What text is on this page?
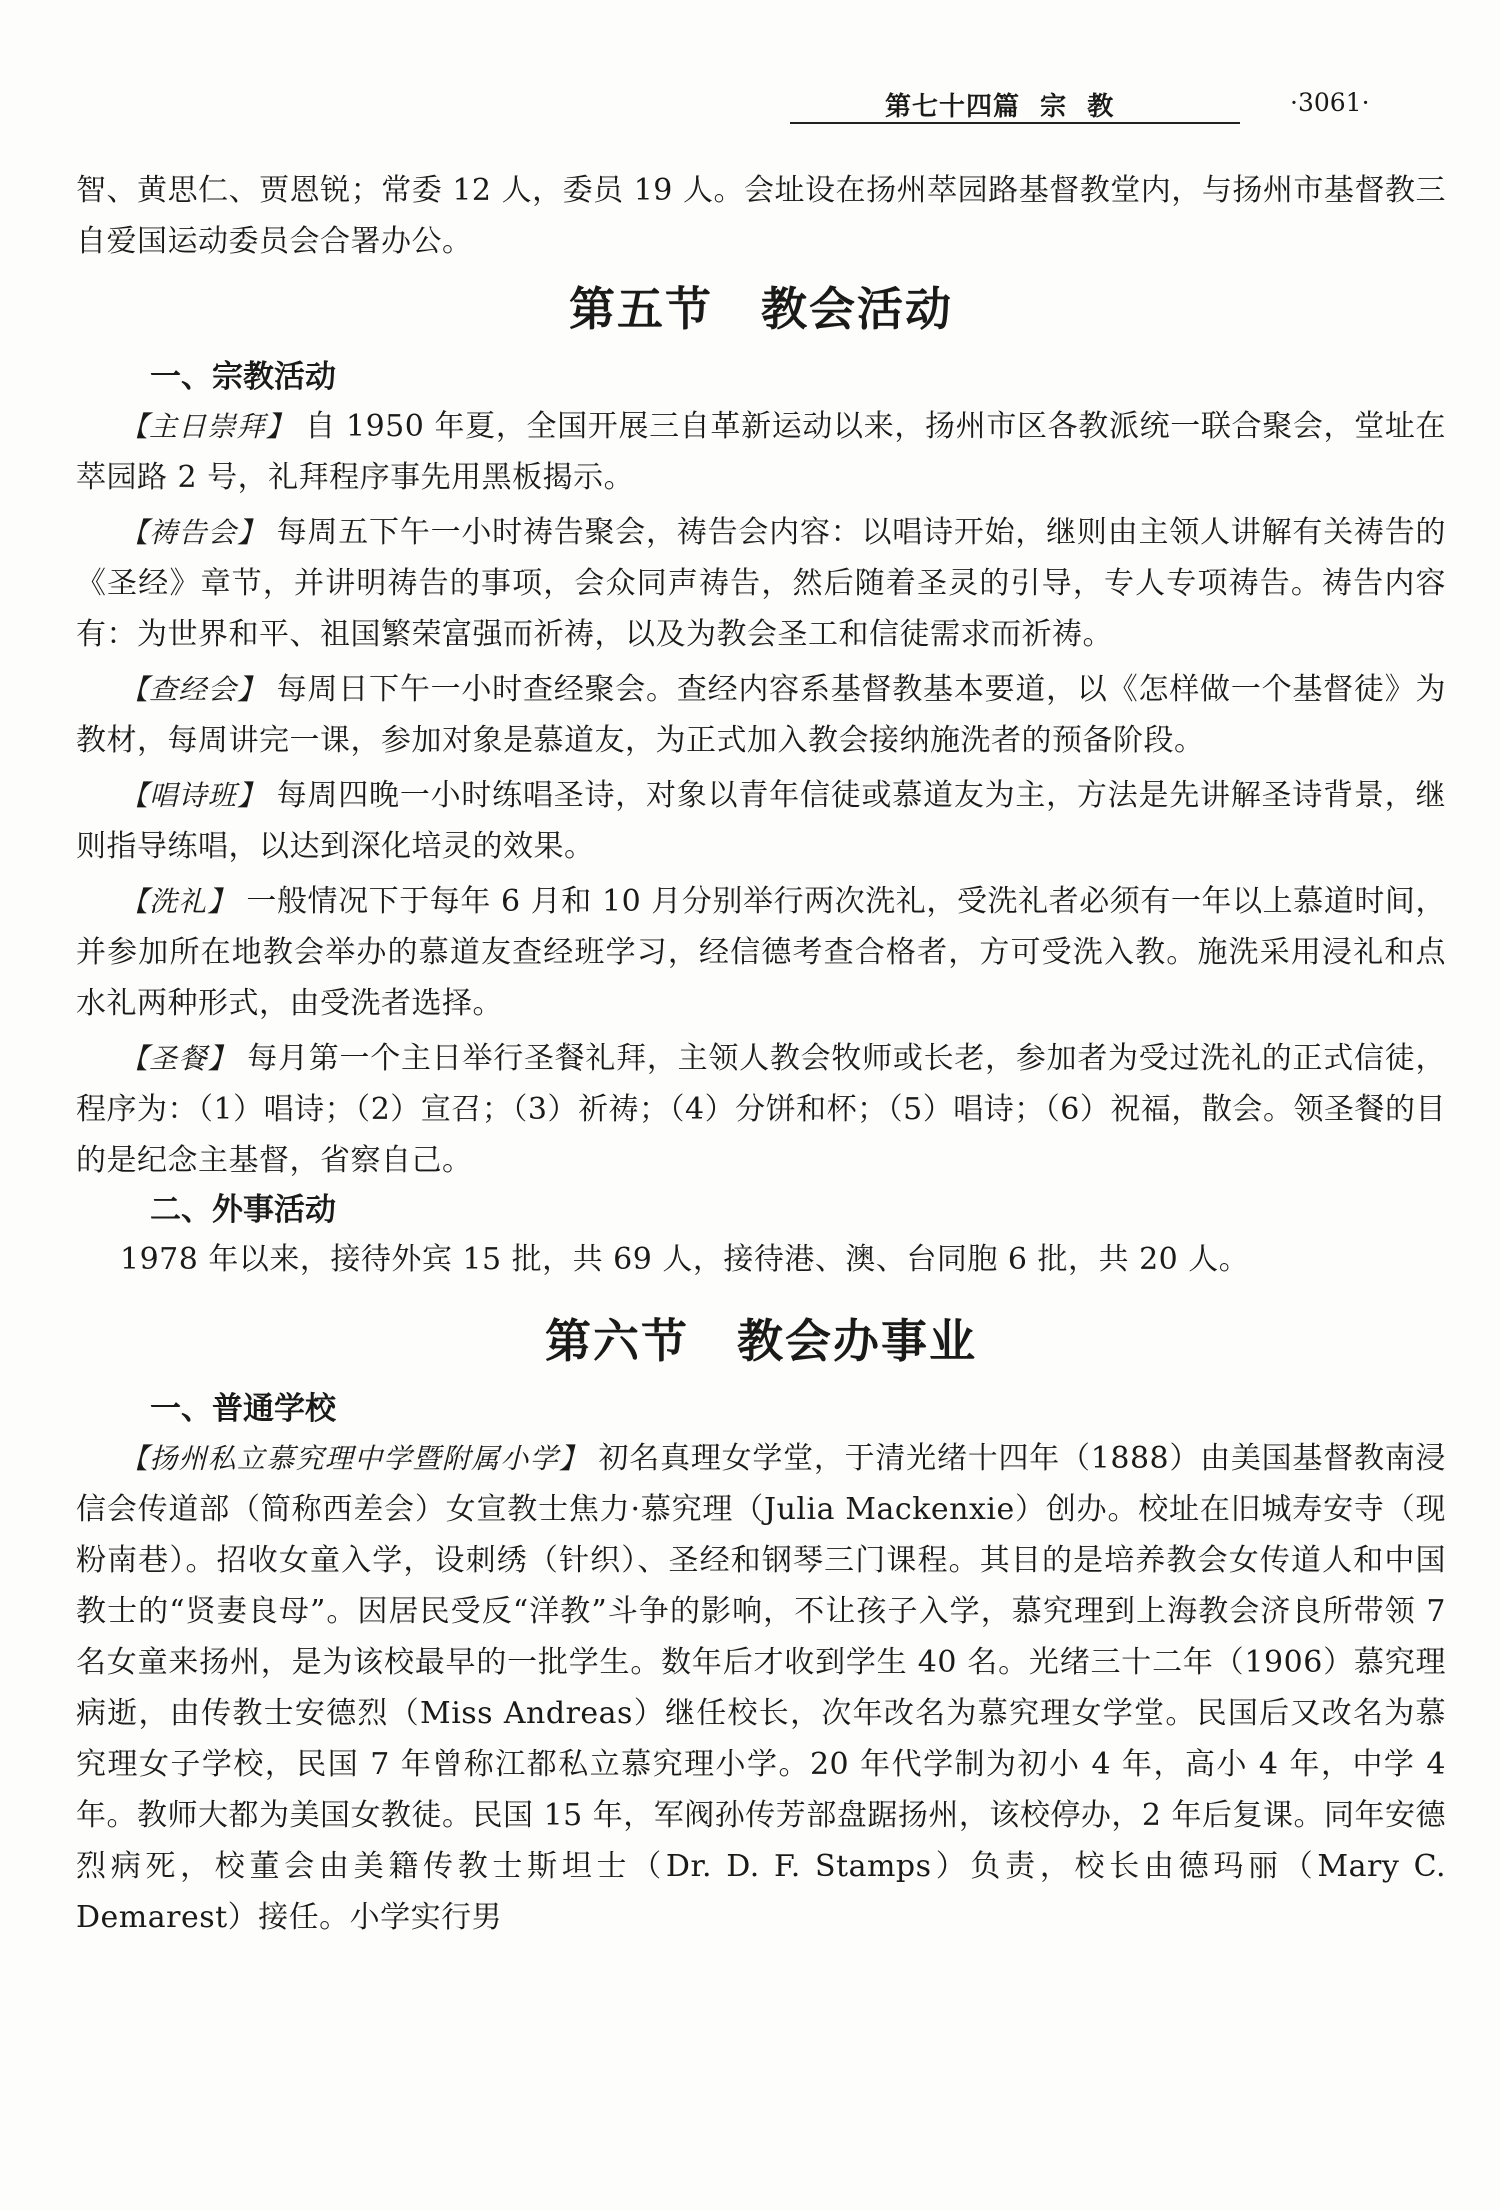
第七十四篇  宗  教	·3061·

智、黄思仁、贾恩锐；常委 12 人，委员 19 人。会址设在扬州萃园路基督教堂内，与扬州市基督教三自爱国运动委员会合署办公。

第五节　教会活动
一、宗教活动

【主日崇拜】 自 1950 年夏，全国开展三自革新运动以来，扬州市区各教派统一联合聚会，堂址在萃园路 2 号，礼拜程序事先用黑板揭示。

【祷告会】 每周五下午一小时祷告聚会，祷告会内容：以唱诗开始，继则由主领人讲解有关祷告的《圣经》章节，并讲明祷告的事项，会众同声祷告，然后随着圣灵的引导，专人专项祷告。祷告内容有：为世界和平、祖国繁荣富强而祈祷，以及为教会圣工和信徒需求而祈祷。

【查经会】 每周日下午一小时查经聚会。查经内容系基督教基本要道，以《怎样做一个基督徒》为教材，每周讲完一课，参加对象是慕道友，为正式加入教会接纳施洗者的预备阶段。

【唱诗班】 每周四晚一小时练唱圣诗，对象以青年信徒或慕道友为主，方法是先讲解圣诗背景，继则指导练唱，以达到深化培灵的效果。

【洗礼】 一般情况下于每年 6 月和 10 月分别举行两次洗礼，受洗礼者必须有一年以上慕道时间，并参加所在地教会举办的慕道友查经班学习，经信德考查合格者，方可受洗入教。施洗采用浸礼和点水礼两种形式，由受洗者选择。

【圣餐】 每月第一个主日举行圣餐礼拜，主领人教会牧师或长老，参加者为受过洗礼的正式信徒，程序为：（1）唱诗；（2）宣召；（3）祈祷；（4）分饼和杯；（5）唱诗；（6）祝福，散会。领圣餐的目的是纪念主基督，省察自己。

二、外事活动

1978 年以来，接待外宾 15 批，共 69 人，接待港、澳、台同胞 6 批，共 20 人。

第六节　教会办事业
一、普通学校

【扬州私立慕究理中学暨附属小学】 初名真理女学堂，于清光绪十四年（1888）由美国基督教南浸信会传道部（简称西差会）女宣教士焦力·慕究理（Julia Mackenxie）创办。校址在旧城寿安寺（现粉南巷）。招收女童入学，设刺绣（针织）、圣经和钢琴三门课程。其目的是培养教会女传道人和中国教士的“贤妻良母”。因居民受反“洋教”斗争的影响，不让孩子入学，慕究理到上海教会济良所带领 7 名女童来扬州，是为该校最早的一批学生。数年后才收到学生 40 名。光绪三十二年（1906）慕究理病逝，由传教士安德烈（Miss Andreas）继任校长，次年改名为慕究理女学堂。民国后又改名为慕究理女子学校，民国 7 年曾称江都私立慕究理小学。20 年代学制为初小 4 年，高小 4 年，中学 4 年。教师大都为美国女教徒。民国 15 年，军阀孙传芳部盘踞扬州，该校停办，2 年后复课。同年安德烈病死，校董会由美籍传教士斯坦士（Dr. D. F. Stamps）负责，校长由德玛丽（Mary C. Demarest）接任。小学实行男
